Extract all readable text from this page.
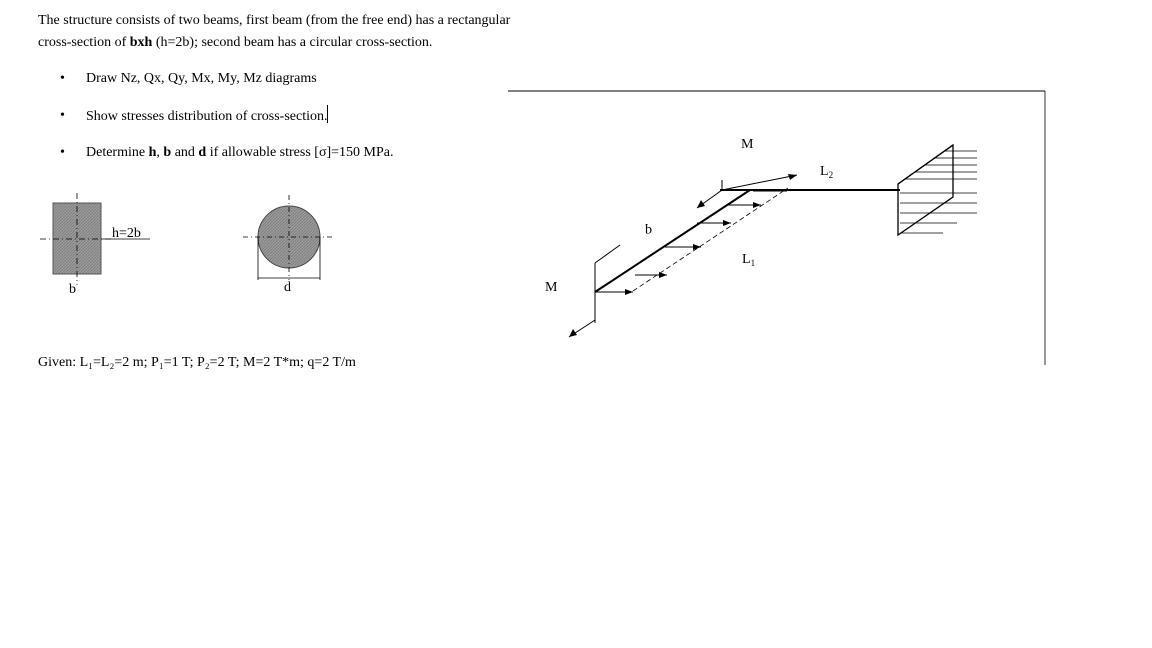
The structure consists of two beams, first beam (from the free end) has a rectangular
cross-section of bxh (h=2b); second beam has a circular cross-section.
• Draw Nz, Qx, Qy, Mx, My, Mz diagrams
• Show stresses distribution of cross-section.
• Determine h, b and d if allowable stress [σ]=150 MPa.
h=2b
b	d
M
M
q
$L_1$
$L_2$
Given: L₁=L₂=2 m; P₁=1 T; P₂=2 T; M=2 T*m; q=2 T/m
